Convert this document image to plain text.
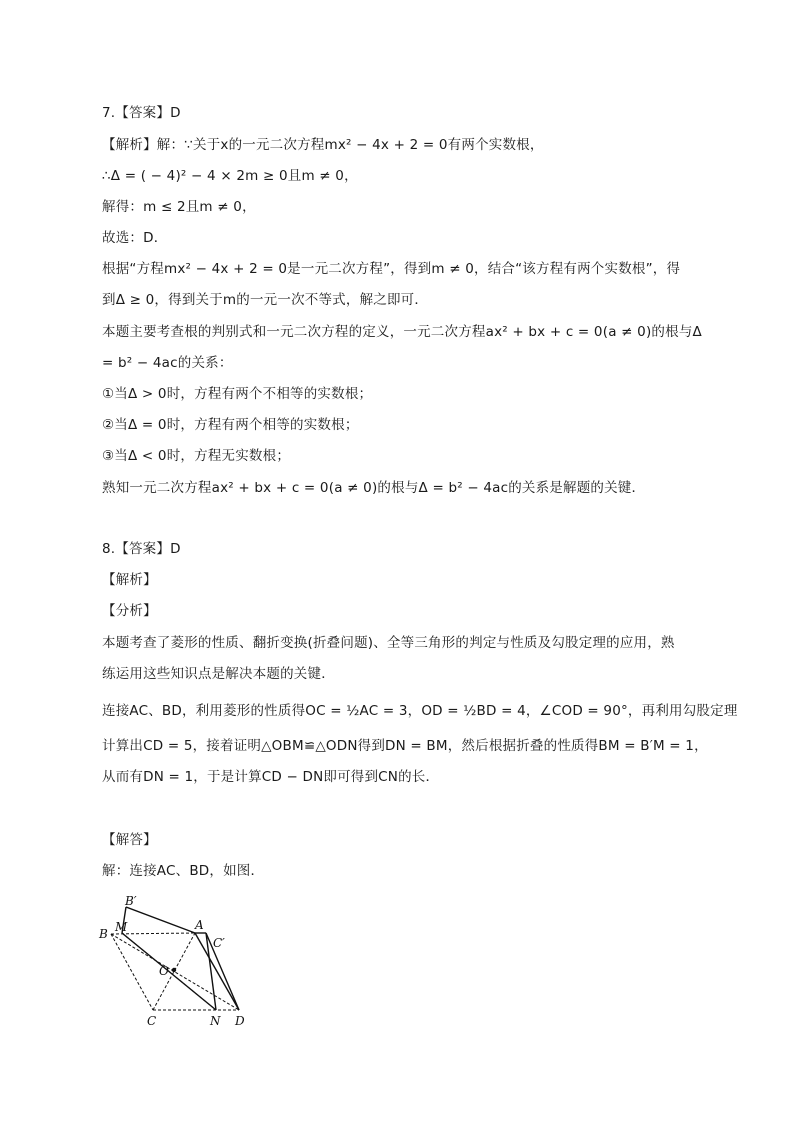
7.【答案】D
【解析】解：∵关于x的一元二次方程mx² − 4x + 2 = 0有两个实数根，
∴Δ = ( − 4)² − 4 × 2m ≥ 0且m ≠ 0，
解得：m ≤ 2且m ≠ 0，
故选：D．
根据“方程mx² − 4x + 2 = 0是一元二次方程”，得到m ≠ 0，结合“该方程有两个实数根”，得
到Δ ≥ 0，得到关于m的一元一次不等式，解之即可．
本题主要考查根的判别式和一元二次方程的定义，一元二次方程ax² + bx + c = 0(a ≠ 0)的根与Δ
= b² − 4ac的关系：
①当Δ > 0时，方程有两个不相等的实数根；
②当Δ = 0时，方程有两个相等的实数根；
③当Δ < 0时，方程无实数根；
熟知一元二次方程ax² + bx + c = 0(a ≠ 0)的根与Δ = b² − 4ac的关系是解题的关键．
8.【答案】D
【解析】
【分析】
本题考查了菱形的性质、翻折变换(折叠问题)、全等三角形的判定与性质及勾股定理的应用，熟
练运用这些知识点是解决本题的关键．
连接AC、BD，利用菱形的性质得OC = ½AC = 3，OD = ½BD = 4，∠COD = 90°，再利用勾股定理
计算出CD = 5，接着证明△OBM≌△ODN得到DN = BM，然后根据折叠的性质得BM = B′M = 1，
从而有DN = 1，于是计算CD − DN即可得到CN的长．
【解答】
解：连接AC、BD，如图．
B′
M	A
B
C′
O
C	N D
